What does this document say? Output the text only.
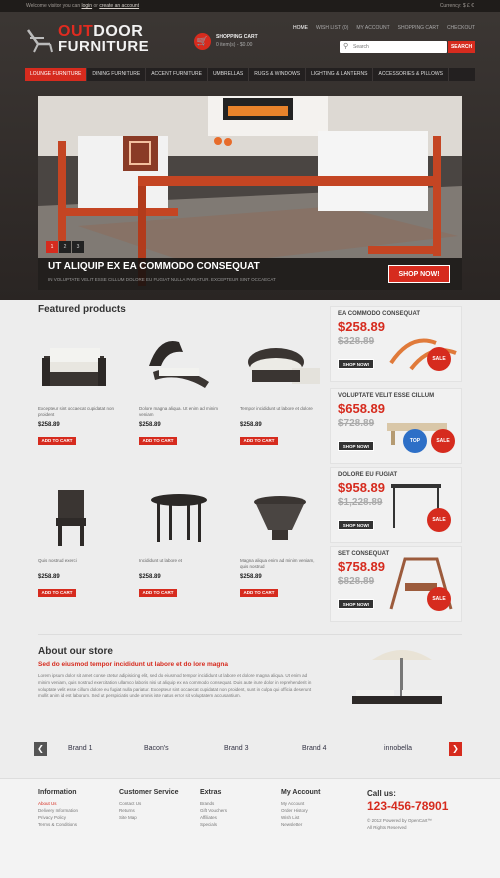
Welcome visitor you can login or create an account	Currency: $ £ €
OUTDOOR
FURNITURE	🛒	SHOPPING CART
0 item(s) - $0.00
HOME WISH LIST (0) MY ACCOUNT SHOPPING CART CHECKOUT
⚲
Search	SEARCH
LOUNGE FURNITURE	DINING FURNITURE	ACCENT FURNITURE	UMBRELLAS	RUGS & WINDOWS	LIGHTING & LANTERNS	ACCESSORIES & PILLOWS
1	2	3
UT ALIQUIP EX EA COMMODO CONSEQUAT
IN VOLUPTATE VELIT ESSE CILLUM DOLORE EU FUGIAT NULLA PARIATUR. EXCEPTEUR SINT OCCAECAT
SHOP NOW!
Featured products
Excepteur sint occaecat cupidatat non proident
$258.89
ADD TO CART
Dolore magna aliqua. Ut enim ad minim veniam
$258.89
ADD TO CART
Tempor incididunt ut labore et dolore
$258.89
ADD TO CART
Quis nostrud exerci
$258.89
ADD TO CART
Incididunt ut labore et
$258.89
ADD TO CART
Magna aliqua enim ad minim veniam, quis nostrud
$258.89
ADD TO CART
EA COMMODO CONSEQUAT
$258.89
$328.89
SHOP NOW!
SALE
VOLUPTATE VELIT ESSE CILLUM
$658.89
$728.89
SHOP NOW!
TOP	SALE
DOLORE EU FUGIAT
$958.89
$1,228.89
SHOP NOW!
SALE
SET CONSEQUAT
$758.89
$828.89
SHOP NOW!
SALE
About our store
Sed do eiusmod tempor incididunt ut labore et do lore magna
Lorem ipsum dolor sit amet conse ctetur adipisicing elit, sed do eiusmod tempor incididunt ut labore et dolore magna aliqua. Ut enim ad minim veniam, quis nostrud exercitation ullamco laboris nisi ut aliquip ex ea commodo consequat. Duis aute irure dolor in reprehenderit in voluptate velit esse cillum dolore eu fugiat nulla pariatur. Excepteur sint occaecat cupidatat non proident, sunt in culpa qui officia deserunt mollit anim id est laborum. Sed ut perspiciatis unde omnis iste natus error sit voluptatem accusantium.
❮	Brand 1	Bacon's	Brand 3	Brand 4	innobella	❯
Information
About Us
Delivery Information
Privacy Policy
Terms & Conditions
Customer Service
Contact Us
Returns
Site Map
Extras
Brands
Gift Vouchers
Affiliates
Specials
My Account
My Account
Order History
Wish List
Newsletter
Call us:
123-456-78901
© 2012 Powered by OpenCart™
All Rights Reserved
